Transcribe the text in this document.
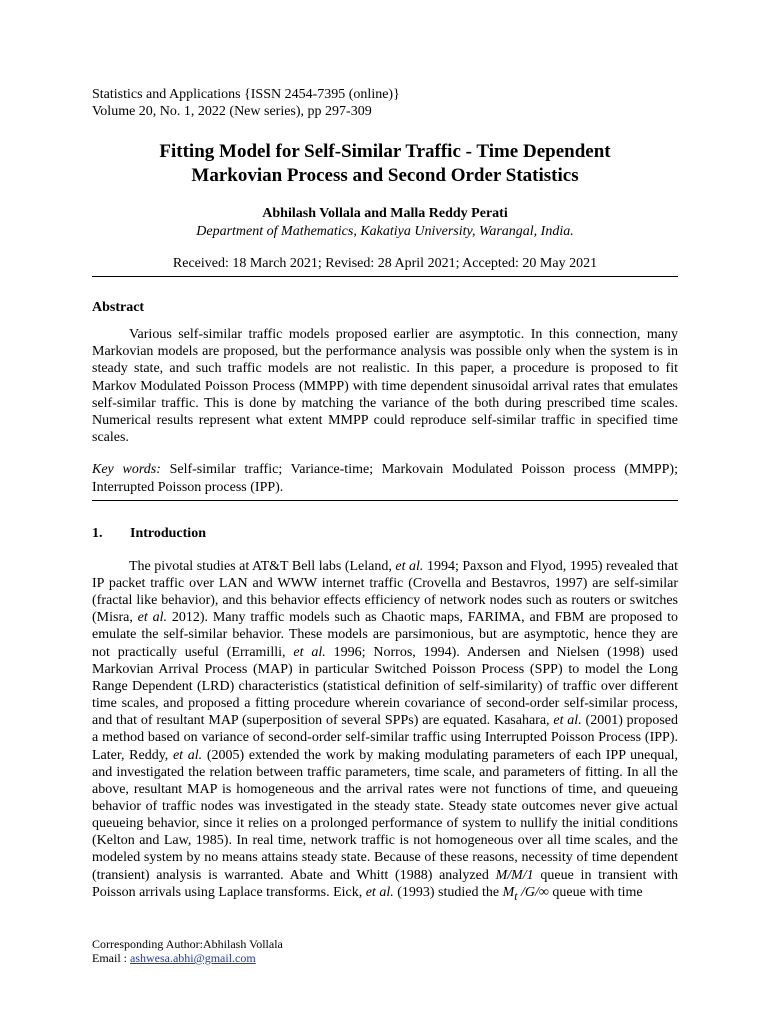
Statistics and Applications {ISSN 2454-7395 (online)}
Volume 20, No. 1, 2022 (New series), pp 297-309
Fitting Model for Self-Similar Traffic - Time Dependent
Markovian Process and Second Order Statistics
Abhilash Vollala and Malla Reddy Perati
Department of Mathematics, Kakatiya University, Warangal, India.
Received: 18 March 2021; Revised: 28 April 2021; Accepted: 20 May 2021
Abstract
Various self-similar traffic models proposed earlier are asymptotic. In this connection, many Markovian models are proposed, but the performance analysis was possible only when the system is in steady state, and such traffic models are not realistic. In this paper, a procedure is proposed to fit Markov Modulated Poisson Process (MMPP) with time dependent sinusoidal arrival rates that emulates self-similar traffic. This is done by matching the variance of the both during prescribed time scales. Numerical results represent what extent MMPP could reproduce self-similar traffic in specified time scales.
Key words: Self-similar traffic; Variance-time; Markovain Modulated Poisson process (MMPP); Interrupted Poisson process (IPP).
1.	Introduction
The pivotal studies at AT&T Bell labs (Leland, et al. 1994; Paxson and Flyod, 1995) revealed that IP packet traffic over LAN and WWW internet traffic (Crovella and Bestavros, 1997) are self-similar (fractal like behavior), and this behavior effects efficiency of network nodes such as routers or switches (Misra, et al. 2012). Many traffic models such as Chaotic maps, FARIMA, and FBM are proposed to emulate the self-similar behavior. These models are parsimonious, but are asymptotic, hence they are not practically useful (Erramilli, et al. 1996; Norros, 1994). Andersen and Nielsen (1998) used Markovian Arrival Process (MAP) in particular Switched Poisson Process (SPP) to model the Long Range Dependent (LRD) characteristics (statistical definition of self-similarity) of traffic over different time scales, and proposed a fitting procedure wherein covariance of second-order self-similar process, and that of resultant MAP (superposition of several SPPs) are equated. Kasahara, et al. (2001) proposed a method based on variance of second-order self-similar traffic using Interrupted Poisson Process (IPP). Later, Reddy, et al. (2005) extended the work by making modulating parameters of each IPP unequal, and investigated the relation between traffic parameters, time scale, and parameters of fitting. In all the above, resultant MAP is homogeneous and the arrival rates were not functions of time, and queueing behavior of traffic nodes was investigated in the steady state. Steady state outcomes never give actual queueing behavior, since it relies on a prolonged performance of system to nullify the initial conditions (Kelton and Law, 1985). In real time, network traffic is not homogeneous over all time scales, and the modeled system by no means attains steady state. Because of these reasons, necessity of time dependent (transient) analysis is warranted. Abate and Whitt (1988) analyzed M/M/1 queue in transient with Poisson arrivals using Laplace transforms. Eick, et al. (1993) studied the $M_t$ /G/∞ queue with time
Corresponding Author:Abhilash Vollala
Email : ashwesa.abhi@gmail.com
